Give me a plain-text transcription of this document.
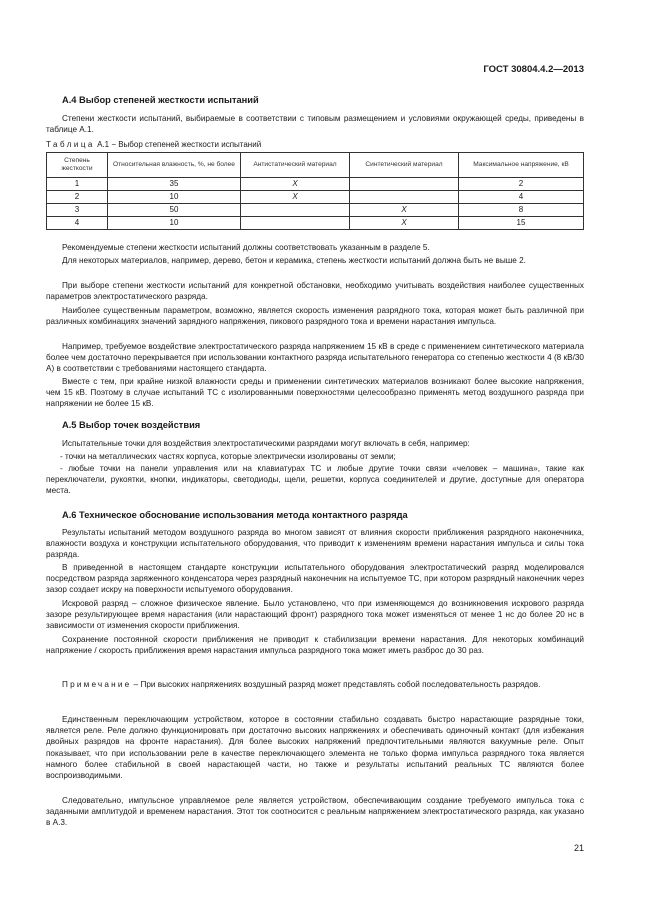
ГОСТ 30804.4.2—2013
А.4 Выбор степеней жесткости испытаний

Степени жесткости испытаний, выбираемые в соответствии с типовым размещением и условиями окружающей среды, приведены в таблице А.1.

Таблица А.1 − Выбор степеней жесткости испытаний
Степень жесткости	Относительная влажность, %, не более	Антистатический материал	Синтетический материал	Максимальное напряжение, кВ
1	35	X		2
2	10	X		4
3	50		X	8
4	10		X	15

Рекомендуемые степени жесткости испытаний должны соответствовать указанным в разделе 5.

Для некоторых материалов, например, дерево, бетон и керамика, степень жесткости испытаний должна быть не выше 2.

При выборе степени жесткости испытаний для конкретной обстановки, необходимо учитывать воздействия наиболее существенных параметров электростатического разряда.

Наиболее существенным параметром, возможно, является скорость изменения разрядного тока, которая может быть различной при различных комбинациях значений зарядного напряжения, пикового разрядного тока и времени нарастания импульса.

Например, требуемое воздействие электростатического разряда напряжением 15 кВ в среде с применением синтетического материала более чем достаточно перекрывается при использовании контактного разряда испытательного генератора со степенью жесткости 4 (8 кВ/30 А) в соответствии с требованиями настоящего стандарта.

Вместе с тем, при крайне низкой влажности среды и применении синтетических материалов возникают более высокие напряжения, чем 15 кВ. Поэтому в случае испытаний ТС с изолированными поверхностями целесообразно применять метод воздушного разряда при напряжении не более 15 кВ.

А.5 Выбор точек воздействия

Испытательные точки для воздействия электростатическими разрядами могут включать в себя, например:

- точки на металлических частях корпуса, которые электрически изолированы от земли;

- любые точки на панели управления или на клавиатурах ТС и любые другие точки связи «человек – машина», такие как переключатели, рукоятки, кнопки, индикаторы, светодиоды, щели, решетки, корпуса соединителей и другие, доступные для оператора места.

А.6 Техническое обоснование использования метода контактного разряда

Результаты испытаний методом воздушного разряда во многом зависят от влияния скорости приближения разрядного наконечника, влажности воздуха и конструкции испытательного оборудования, что приводит к изменениям времени нарастания импульса и силы тока разряда.

В приведенной в настоящем стандарте конструкции испытательного оборудования электростатический разряд моделировался посредством разряда заряженного конденсатора через разрядный наконечник на испытуемое ТС, при котором разрядный наконечник через зазор создает искру на поверхности испытуемого оборудования.

Искровой разряд – сложное физическое явление. Было установлено, что при изменяющемся до возникновения искрового разряда зазоре результирующее время нарастания (или нарастающий фронт) разрядного тока может изменяться от менее 1 нс до более 20 нс в зависимости от изменения скорости приближения.

Сохранение постоянной скорости приближения не приводит к стабилизации времени нарастания. Для некоторых комбинаций напряжение / скорость приближения время нарастания импульса разрядного тока может иметь разброс до 30 раз.

Примечание – При высоких напряжениях воздушный разряд может представлять собой последовательность разрядов.

Единственным переключающим устройством, которое в состоянии стабильно создавать быстро нарастающие разрядные токи, является реле. Реле должно функционировать при достаточно высоких напряжениях и обеспечивать одиночный контакт (для избежания двойных разрядов на фронте нарастания). Для более высоких напряжений предпочтительными являются вакуумные реле. Опыт показывает, что при использовании реле в качестве переключающего элемента не только форма импульса разрядного тока является намного более стабильной в своей нарастающей части, но также и результаты испытаний реальных ТС являются более воспроизводимыми.

Следовательно, импульсное управляемое реле является устройством, обеспечивающим создание требуемого импульса тока с заданными амплитудой и временем нарастания. Этот ток соотносится с реальным напряжением электростатического разряда, как указано в А.3.

21
